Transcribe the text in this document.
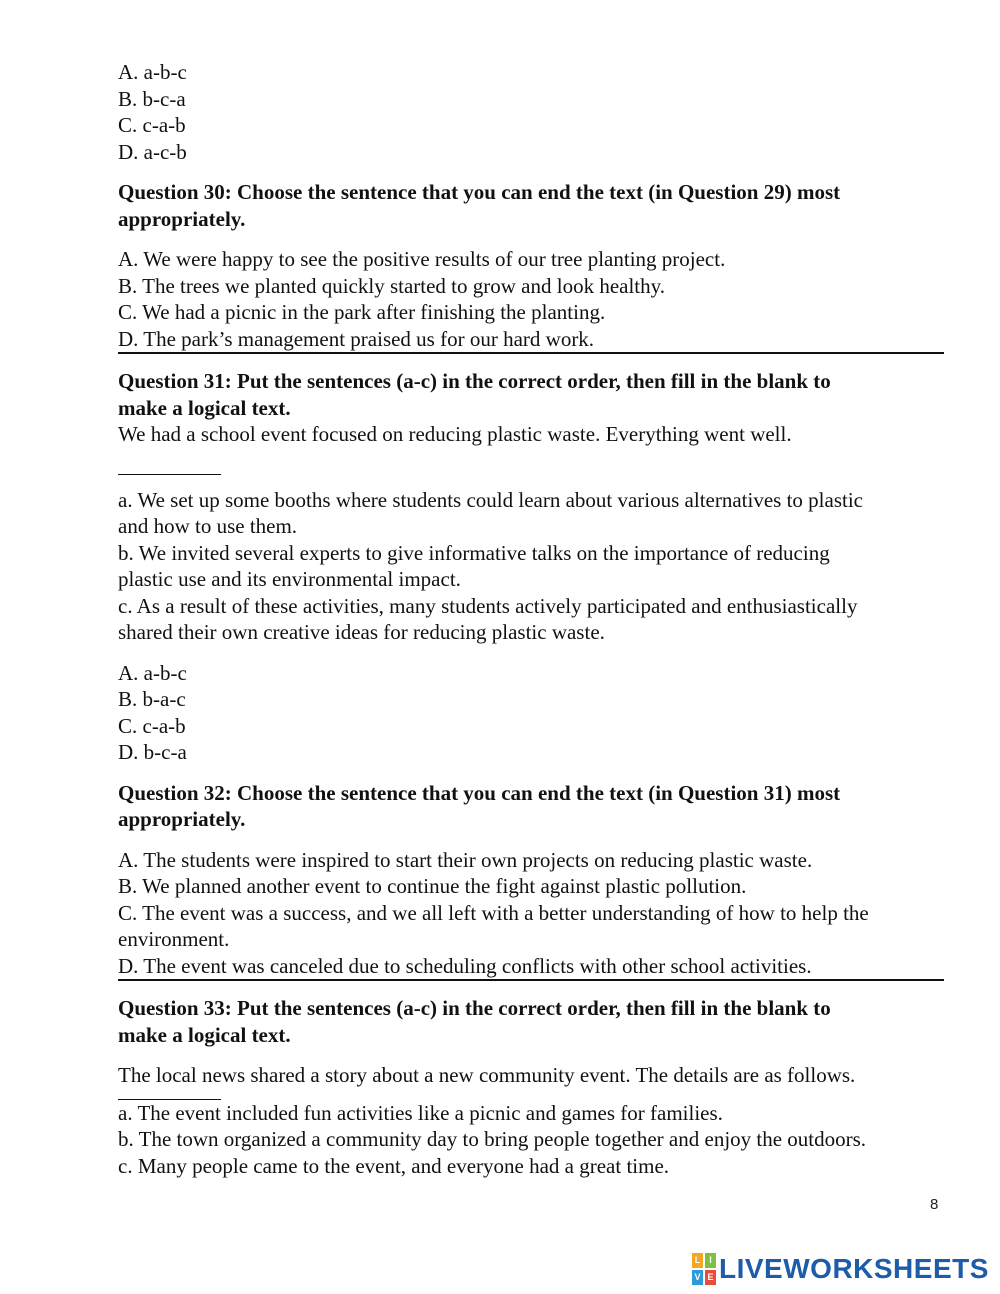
A. a-b-c
B. b-c-a
C. c-a-b
D. a-c-b
Question 30: Choose the sentence that you can end the text (in Question 29) most
appropriately.
A. We were happy to see the positive results of our tree planting project.
B. The trees we planted quickly started to grow and look healthy.
C. We had a picnic in the park after finishing the planting.
D. The park’s management praised us for our hard work.
Question 31: Put the sentences (a-c) in the correct order, then fill in the blank to
make a logical text.
We had a school event focused on reducing plastic waste. Everything went well.
a. We set up some booths where students could learn about various alternatives to plastic
and how to use them.
b. We invited several experts to give informative talks on the importance of reducing
plastic use and its environmental impact.
c. As a result of these activities, many students actively participated and enthusiastically
shared their own creative ideas for reducing plastic waste.
A. a-b-c
B. b-a-c
C. c-a-b
D. b-c-a
Question 32: Choose the sentence that you can end the text (in Question 31) most
appropriately.
A. The students were inspired to start their own projects on reducing plastic waste.
B. We planned another event to continue the fight against plastic pollution.
C. The event was a success, and we all left with a better understanding of how to help the
environment.
D. The event was canceled due to scheduling conflicts with other school activities.
Question 33: Put the sentences (a-c) in the correct order, then fill in the blank to
make a logical text.
The local news shared a story about a new community event. The details are as follows.
a. The event included fun activities like a picnic and games for families.
b. The town organized a community day to bring people together and enjoy the outdoors.
c. Many people came to the event, and everyone had a great time.
8
L I
V E LIVEWORKSHEETS
